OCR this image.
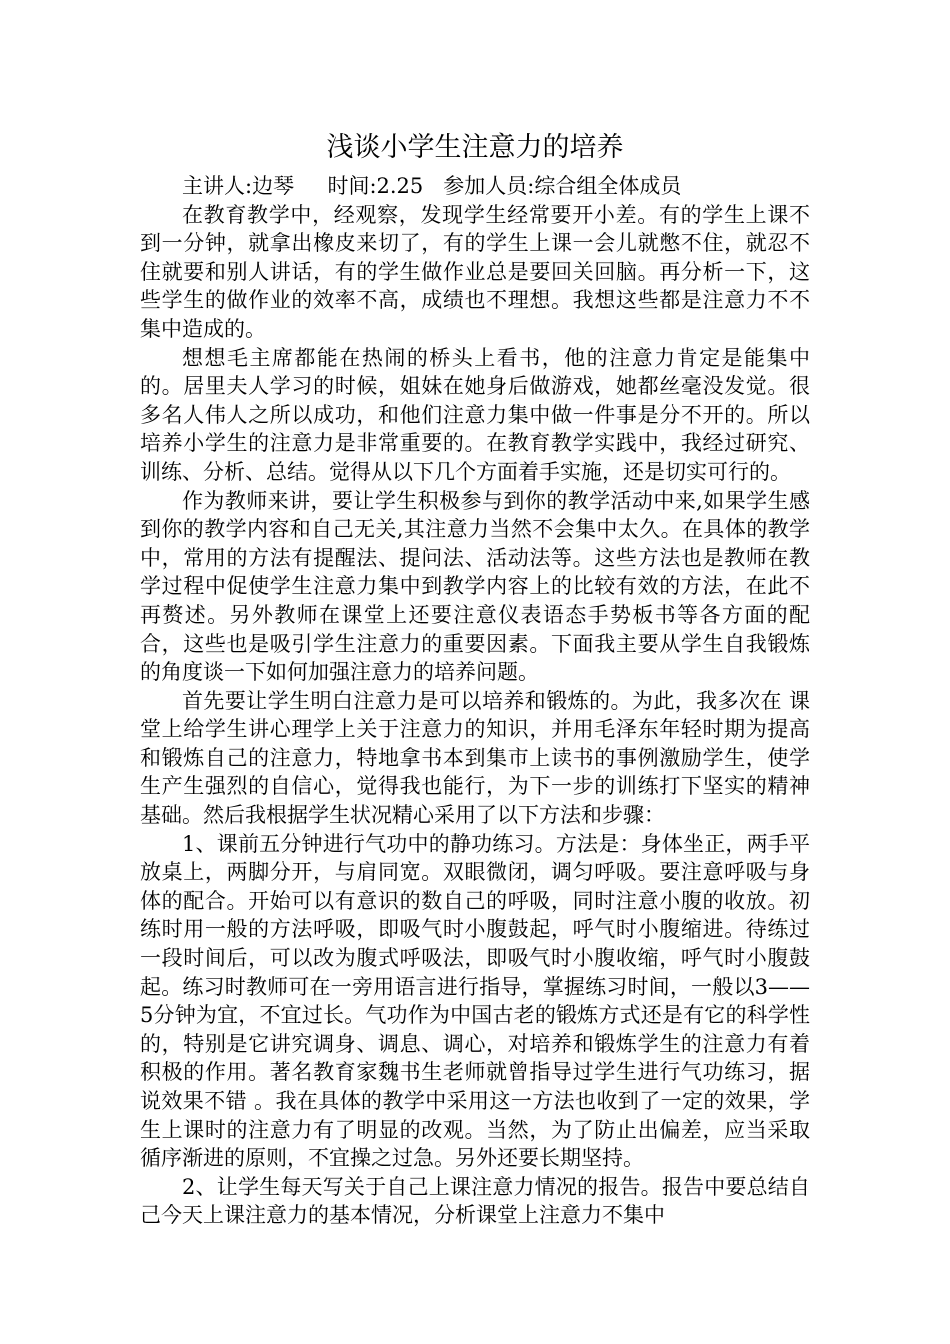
浅谈小学生注意力的培养

主讲人:边琴     时间:2.25   参加人员:综合组全体成员

在教育教学中，经观察，发现学生经常要开小差。有的学生上课不到一分钟，就拿出橡皮来切了，有的学生上课一会儿就憋不住，就忍不住就要和别人讲话，有的学生做作业总是要回关回脑。再分析一下，这些学生的做作业的效率不高，成绩也不理想。我想这些都是注意力不不集中造成的。

想想毛主席都能在热闹的桥头上看书，他的注意力肯定是能集中的。居里夫人学习的时候，姐妹在她身后做游戏，她都丝毫没发觉。很多名人伟人之所以成功，和他们注意力集中做一件事是分不开的。所以培养小学生的注意力是非常重要的。在教育教学实践中，我经过研究、训练、分析、总结。觉得从以下几个方面着手实施，还是切实可行的。

作为教师来讲，要让学生积极参与到你的教学活动中来,如果学生感到你的教学内容和自己无关,其注意力当然不会集中太久。在具体的教学中，常用的方法有提醒法、提问法、活动法等。这些方法也是教师在教学过程中促使学生注意力集中到教学内容上的比较有效的方法，在此不再赘述。另外教师在课堂上还要注意仪表语态手势板书等各方面的配合，这些也是吸引学生注意力的重要因素。下面我主要从学生自我锻炼的角度谈一下如何加强注意力的培养问题。

首先要让学生明白注意力是可以培养和锻炼的。为此，我多次在 课堂上给学生讲心理学上关于注意力的知识，并用毛泽东年轻时期为提高和锻炼自己的注意力，特地拿书本到集市上读书的事例激励学生，使学生产生强烈的自信心，觉得我也能行，为下一步的训练打下坚实的精神基础。然后我根据学生状况精心采用了以下方法和步骤：

1、课前五分钟进行气功中的静功练习。方法是：身体坐正，两手平放桌上，两脚分开，与肩同宽。双眼微闭，调匀呼吸。要注意呼吸与身体的配合。开始可以有意识的数自己的呼吸，同时注意小腹的收放。初练时用一般的方法呼吸，即吸气时小腹鼓起，呼气时小腹缩进。待练过一段时间后，可以改为腹式呼吸法，即吸气时小腹收缩，呼气时小腹鼓起。练习时教师可在一旁用语言进行指导，掌握练习时间，一般以3——5分钟为宜，不宜过长。气功作为中国古老的锻炼方式还是有它的科学性的，特别是它讲究调身、调息、调心，对培养和锻炼学生的注意力有着积极的作用。著名教育家魏书生老师就曾指导过学生进行气功练习，据说效果不错 。我在具体的教学中采用这一方法也收到了一定的效果，学生上课时的注意力有了明显的改观。当然，为了防止出偏差，应当采取循序渐进的原则，不宜操之过急。另外还要长期坚持。

2、让学生每天写关于自己上课注意力情况的报告。报告中要总结自己今天上课注意力的基本情况，分析课堂上注意力不集中
